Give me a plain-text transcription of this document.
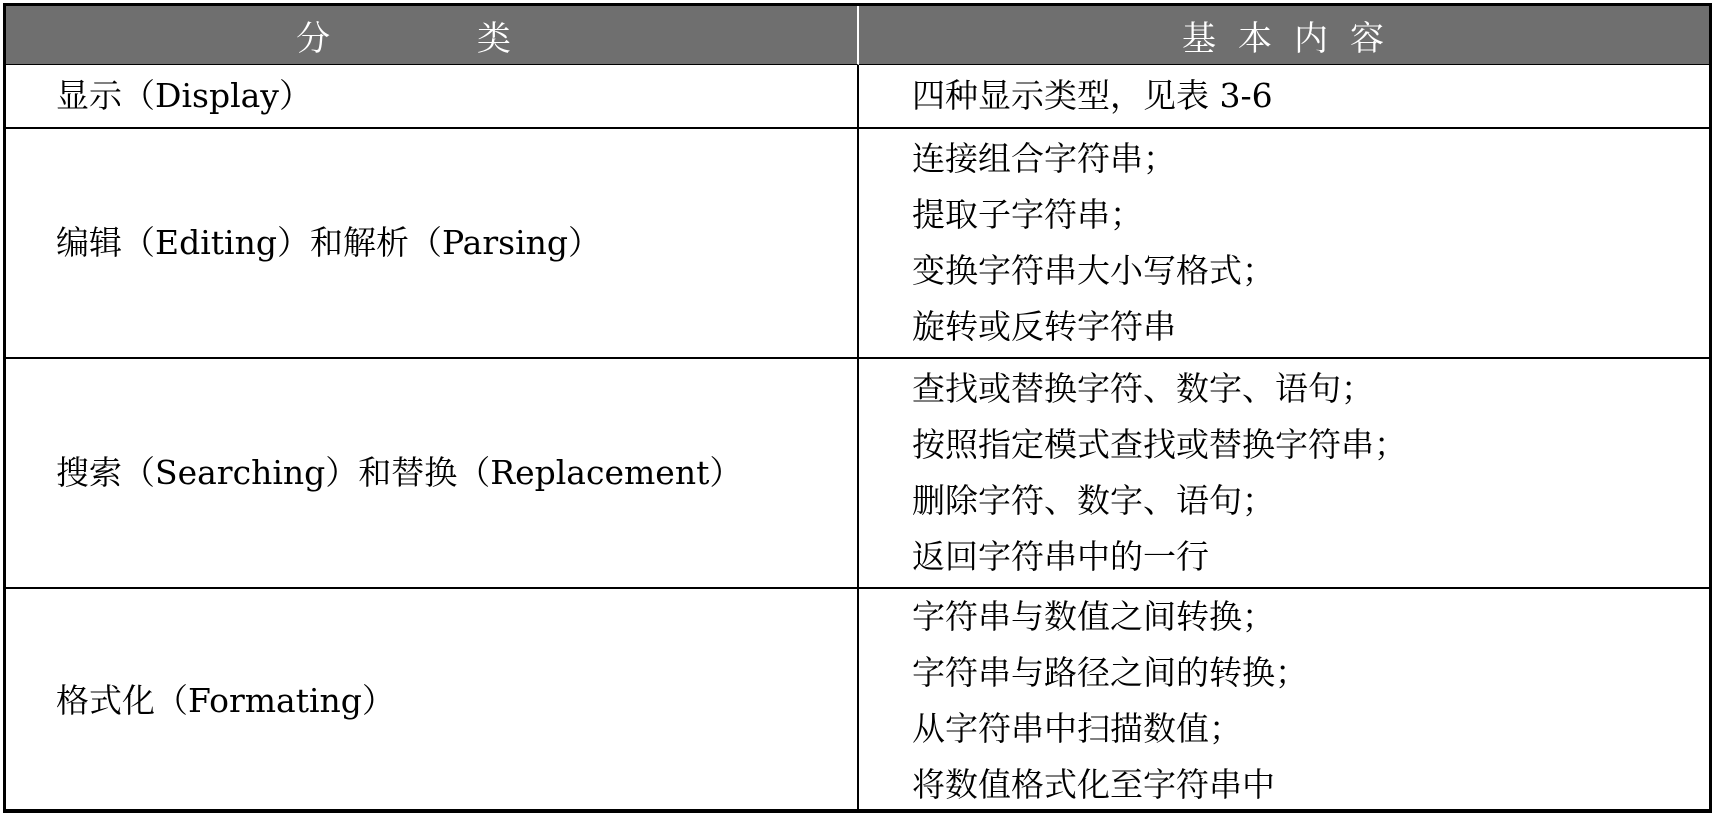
分 类	基本内容
显示（Display）	四种显示类型，见表 3-6
编辑（Editing）和解析（Parsing）
连接组合字符串；
提取子字符串；
变换字符串大小写格式；
旋转或反转字符串
搜索（Searching）和替换（Replacement）
查找或替换字符、数字、语句；
按照指定模式查找或替换字符串；
删除字符、数字、语句；
返回字符串中的一行
格式化（Formating）
字符串与数值之间转换；
字符串与路径之间的转换；
从字符串中扫描数值；
将数值格式化至字符串中
